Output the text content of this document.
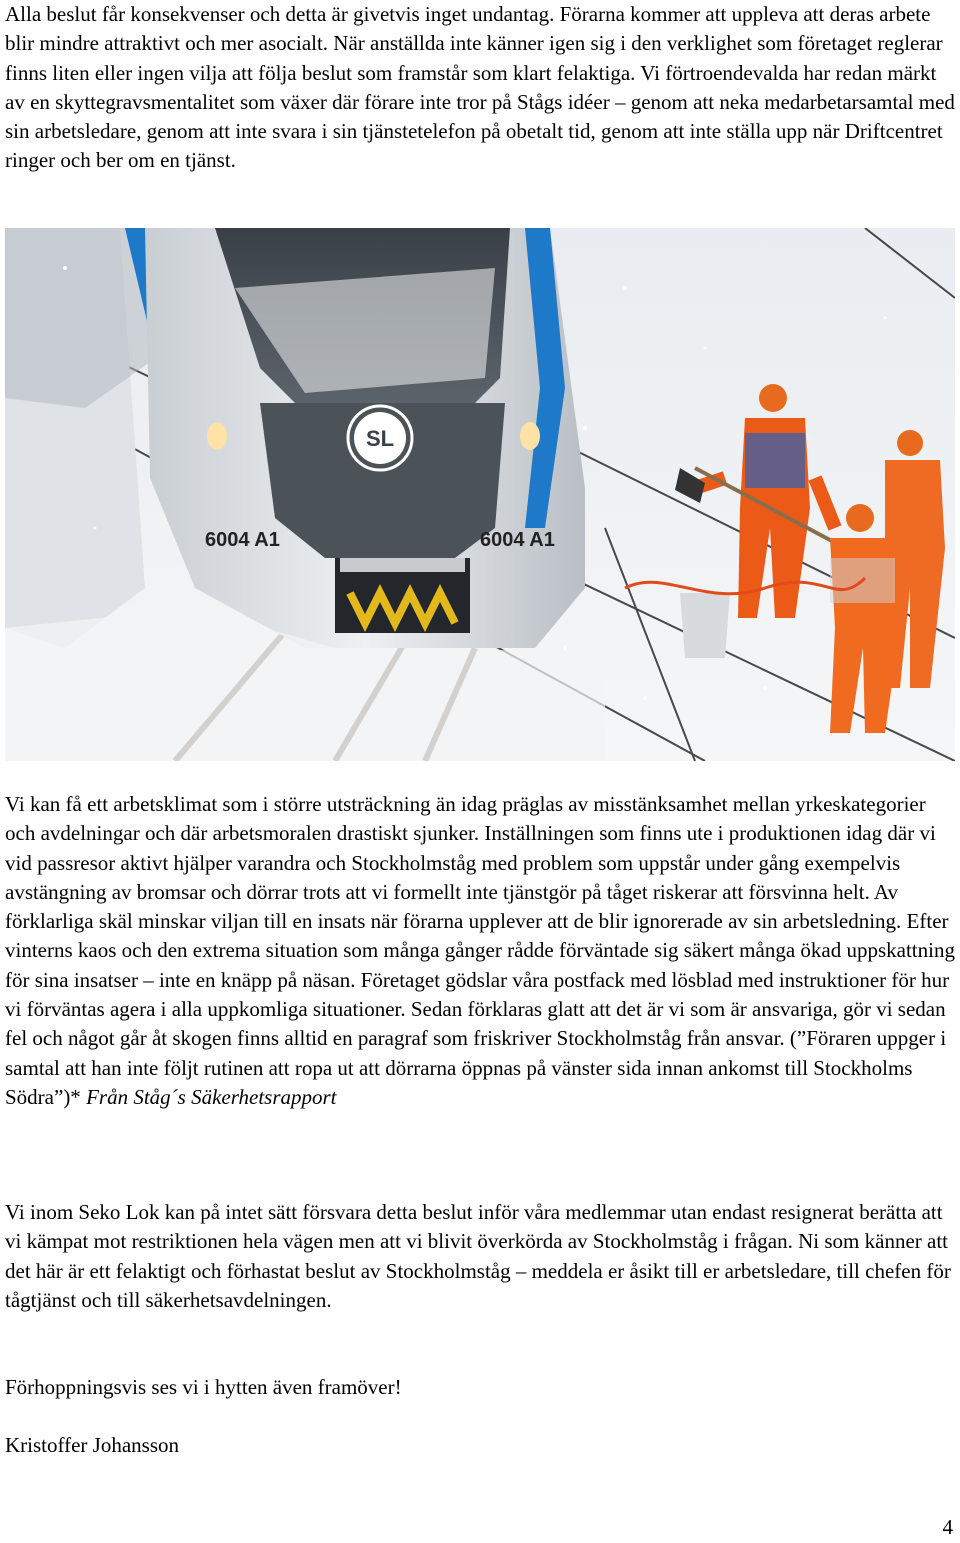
Alla beslut får konsekvenser och detta är givetvis inget undantag. Förarna kommer att uppleva att deras arbete blir mindre attraktivt och mer asocialt. När anställda inte känner igen sig i den verklighet som företaget reglerar finns liten eller ingen vilja att följa beslut som framstår som klart felaktiga. Vi förtroendevalda har redan märkt av en skyttegravsmentalitet som växer där förare inte tror på Stågs idéer – genom att neka medarbetarsamtal med sin arbetsledare, genom att inte svara i sin tjänstetelefon på obetalt tid, genom att inte ställa upp när Driftcentret ringer och ber om en tjänst.

SL
6004 A1	6004 A1

Vi kan få ett arbetsklimat som i större utsträckning än idag präglas av misstänksamhet mellan yrkeskategorier och avdelningar och där arbetsmoralen drastiskt sjunker. Inställningen som finns ute i produktionen idag där vi vid passresor aktivt hjälper varandra och Stockholmståg med problem som uppstår under gång exempelvis avstängning av bromsar och dörrar trots att vi formellt inte tjänstgör på tåget riskerar att försvinna helt. Av förklarliga skäl minskar viljan till en insats när förarna upplever att de blir ignorerade av sin arbetsledning. Efter vinterns kaos och den extrema situation som många gånger rådde förväntade sig säkert många ökad uppskattning för sina insatser – inte en knäpp på näsan. Företaget gödslar våra postfack med lösblad med instruktioner för hur vi förväntas agera i alla uppkomliga situationer. Sedan förklaras glatt att det är vi som är ansvariga, gör vi sedan fel och något går åt skogen finns alltid en paragraf som friskriver Stockholmståg från ansvar. (”Föraren uppger i samtal att han inte följt rutinen att ropa ut att dörrarna öppnas på vänster sida innan ankomst till Stockholms Södra”)* Från Ståg´s Säkerhetsrapport

Vi inom Seko Lok kan på intet sätt försvara detta beslut inför våra medlemmar utan endast resignerat berätta att vi kämpat mot restriktionen hela vägen men att vi blivit överkörda av Stockholmståg i frågan. Ni som känner att det här är ett felaktigt och förhastat beslut av Stockholmståg – meddela er åsikt till er arbetsledare, till chefen för tågtjänst och till säkerhetsavdelningen.

Förhoppningsvis ses vi i hytten även framöver!

Kristoffer Johansson

4
